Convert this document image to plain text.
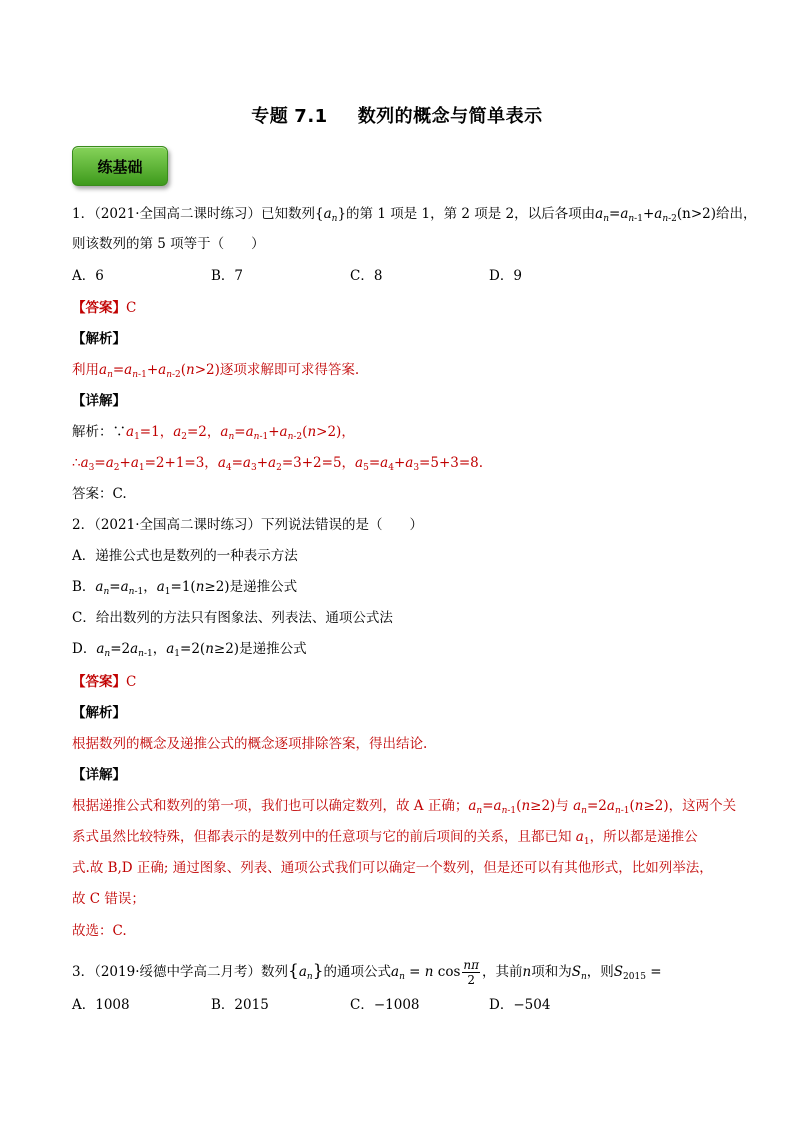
专题 7.1 数列的概念与简单表示
练基础
1．（2021·全国高二课时练习）已知数列$\{a_n\}$的第 1 项是 1，第 2 项是 2，以后各项由$a_n=a_{n-1}+a_{n-2}(n>2)$给出，
则该数列的第 5 项等于（　　）
A．6	B．7	C．8	D．9
【答案】C
【解析】
利用$a_n=a_{n-1}+a_{n-2}(n>2)$逐项求解即可求得答案.
【详解】
解析：$\because a_1=1$，$a_2=2$，$a_n=a_{n-1}+a_{n-2}(n>2)$，
$\therefore a_3=a_2+a_1=2+1=3$，$a_4=a_3+a_2=3+2=5$，$a_5=a_4+a_3=5+3=8$.
答案：C.
2．（2021·全国高二课时练习）下列说法错误的是（　　）
A．递推公式也是数列的一种表示方法
B．$a_n=a_{n-1}$，$a_1=1(n\ge 2)$是递推公式
C．给出数列的方法只有图象法、列表法、通项公式法
D．$a_n=2a_{n-1}$，$a_1=2(n\ge 2)$是递推公式
【答案】C
【解析】
根据数列的概念及递推公式的概念逐项排除答案，得出结论.
【详解】
根据递推公式和数列的第一项，我们也可以确定数列，故 A 正确；$a_n=a_{n-1}(n\ge 2)$与 $a_n=2a_{n-1}(n\ge 2)$，这两个关
系式虽然比较特殊，但都表示的是数列中的任意项与它的前后项间的关系，且都已知 $a_1$，所以都是递推公
式.故 B,D 正确; 通过图象、列表、通项公式我们可以确定一个数列，但是还可以有其他形式，比如列举法，
故 C 错误；
故选：C.
3．（2019·绥德中学高二月考）数列$\{a_n\}$的通项公式$a_n = n$ $\cos \frac{n\pi}{2}$ ，其前n项和为$S_n$，则$S_{2015}$ =
A．1008	B．2015	C．−1008	D．−504
